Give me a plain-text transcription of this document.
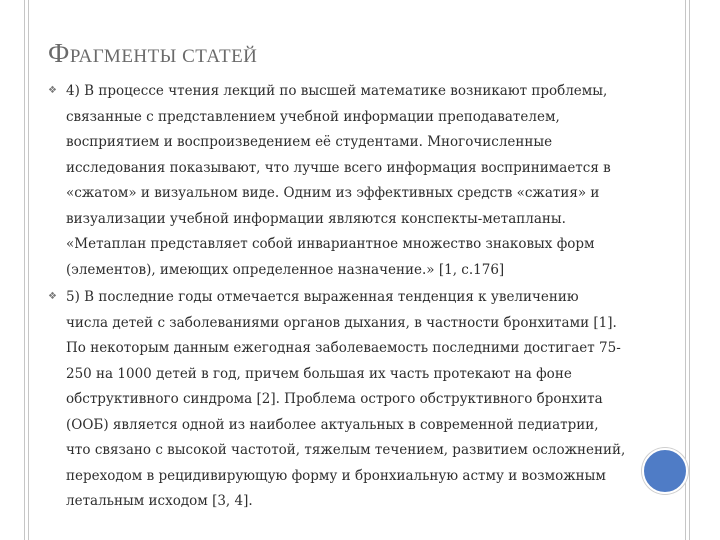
ФРАГМЕНТЫ СТАТЕЙ
❖ 4) В процессе чтения лекций по высшей математике возникают проблемы,
связанные с представлением учебной информации преподавателем,
восприятием и воспроизведением её студентами. Многочисленные
исследования показывают, что лучше всего информация воспринимается в
«сжатом» и визуальном виде. Одним из эффективных средств «сжатия» и
визуализации учебной информации являются конспекты-метапланы.
«Метаплан представляет собой инвариантное множество знаковых форм
(элементов), имеющих определенное назначение.» [1, с.176]
❖ 5) В последние годы отмечается выраженная тенденция к увеличению
числа детей с заболеваниями органов дыхания, в частности бронхитами [1].
По некоторым данным ежегодная заболеваемость последними достигает 75-
250 на 1000 детей в год, причем большая их часть протекают на фоне
обструктивного синдрома [2]. Проблема острого обструктивного бронхита
(ООБ) является одной из наиболее актуальных в современной педиатрии,
что связано с высокой частотой, тяжелым течением, развитием осложнений,
переходом в рецидивирующую форму и бронхиальную астму и возможным
летальным исходом [3, 4].
